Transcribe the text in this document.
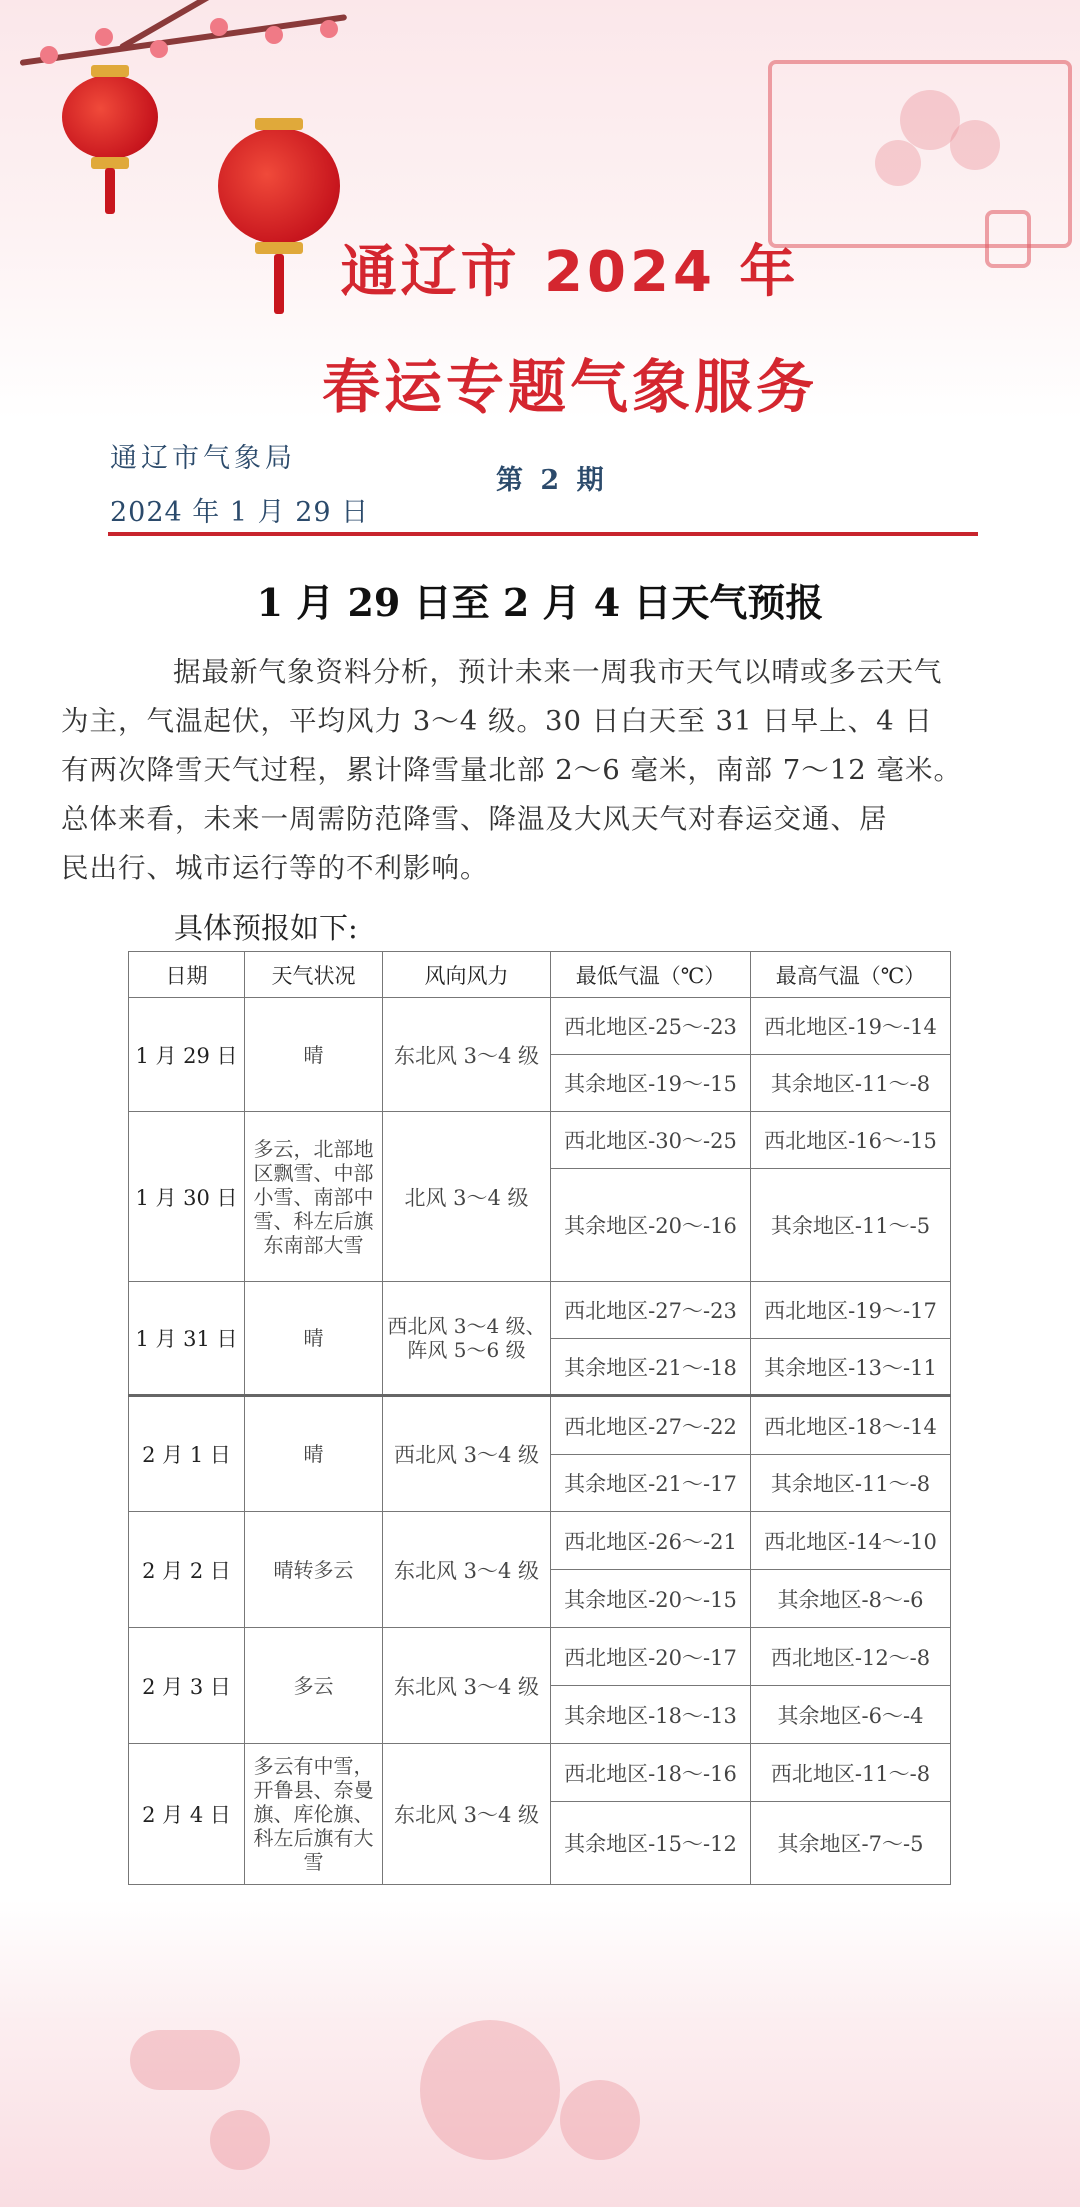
通辽市 2024 年
春运专题气象服务
通辽市气象局
第 2 期
2024 年 1 月 29 日
1 月 29 日至 2 月 4 日天气预报
据最新气象资料分析，预计未来一周我市天气以晴或多云天气
为主，气温起伏，平均风力 3～4 级。30 日白天至 31 日早上、4 日
有两次降雪天气过程，累计降雪量北部 2～6 毫米，南部 7～12 毫米。
总体来看，未来一周需防范降雪、降温及大风天气对春运交通、居
民出行、城市运行等的不利影响。
具体预报如下:
日期	天气状况	风向风力	最低气温（℃）	最高气温（℃）
1 月 29 日	晴	东北风 3～4 级	西北地区-25～-23	西北地区-19～-14
			其余地区-19～-15	其余地区-11～-8
1 月 30 日	多云，北部地区飘雪、中部小雪、南部中雪、科左后旗东南部大雪	北风 3～4 级	西北地区-30～-25	西北地区-16～-15
			其余地区-20～-16	其余地区-11～-5
1 月 31 日	晴	西北风 3～4 级、阵风 5～6 级	西北地区-27～-23	西北地区-19～-17
			其余地区-21～-18	其余地区-13～-11
2 月 1 日	晴	西北风 3～4 级	西北地区-27～-22	西北地区-18～-14
			其余地区-21～-17	其余地区-11～-8
2 月 2 日	晴转多云	东北风 3～4 级	西北地区-26～-21	西北地区-14～-10
			其余地区-20～-15	其余地区-8～-6
2 月 3 日	多云	东北风 3～4 级	西北地区-20～-17	西北地区-12～-8
			其余地区-18～-13	其余地区-6～-4
2 月 4 日	多云有中雪，开鲁县、奈曼旗、库伦旗、科左后旗有大雪	东北风 3～4 级	西北地区-18～-16	西北地区-11～-8
			其余地区-15～-12	其余地区-7～-5
